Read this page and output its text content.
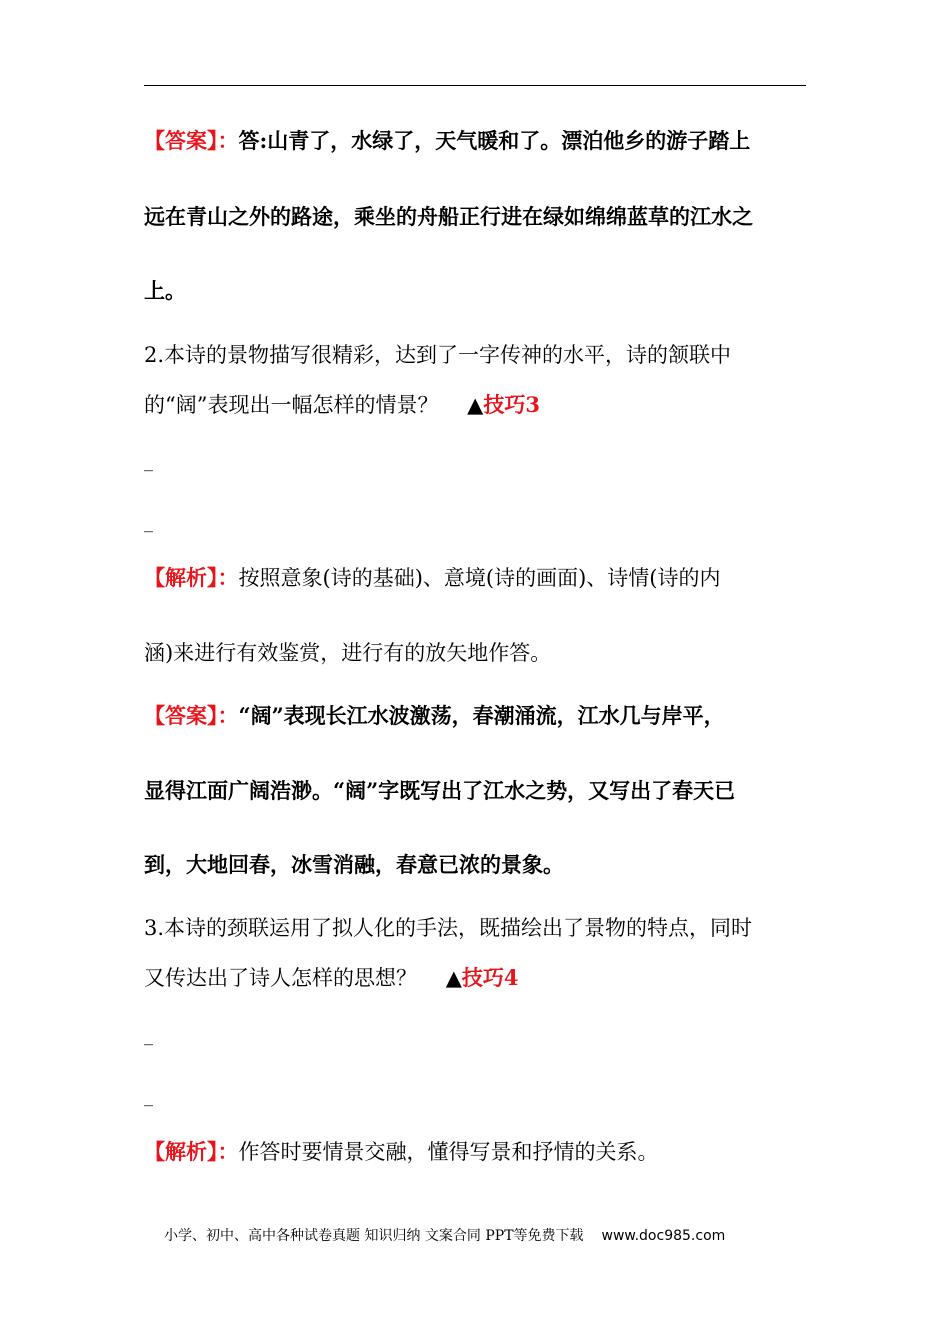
【答案】：答:山青了，水绿了，天气暖和了。漂泊他乡的游子踏上
远在青山之外的路途，乘坐的舟船正行进在绿如绵绵蓝草的江水之
上。
2.本诗的景物描写很精彩，达到了一字传神的水平，诗的颔联中
的“阔”表现出一幅怎样的情景？ ▲技巧3
_
_
【解析】：按照意象(诗的基础)、意境(诗的画面)、诗情(诗的内
涵)来进行有效鉴赏，进行有的放矢地作答。
【答案】：“阔”表现长江水波激荡，春潮涌流，江水几与岸平，
显得江面广阔浩渺。“阔”字既写出了江水之势，又写出了春天已
到，大地回春，冰雪消融，春意已浓的景象。
3.本诗的颈联运用了拟人化的手法，既描绘出了景物的特点，同时
又传达出了诗人怎样的思想？ ▲技巧4
_
_
【解析】：作答时要情景交融，懂得写景和抒情的关系。
小学、初中、高中各种试卷真题 知识归纳 文案合同 PPT等免费下载 www.doc985.com
